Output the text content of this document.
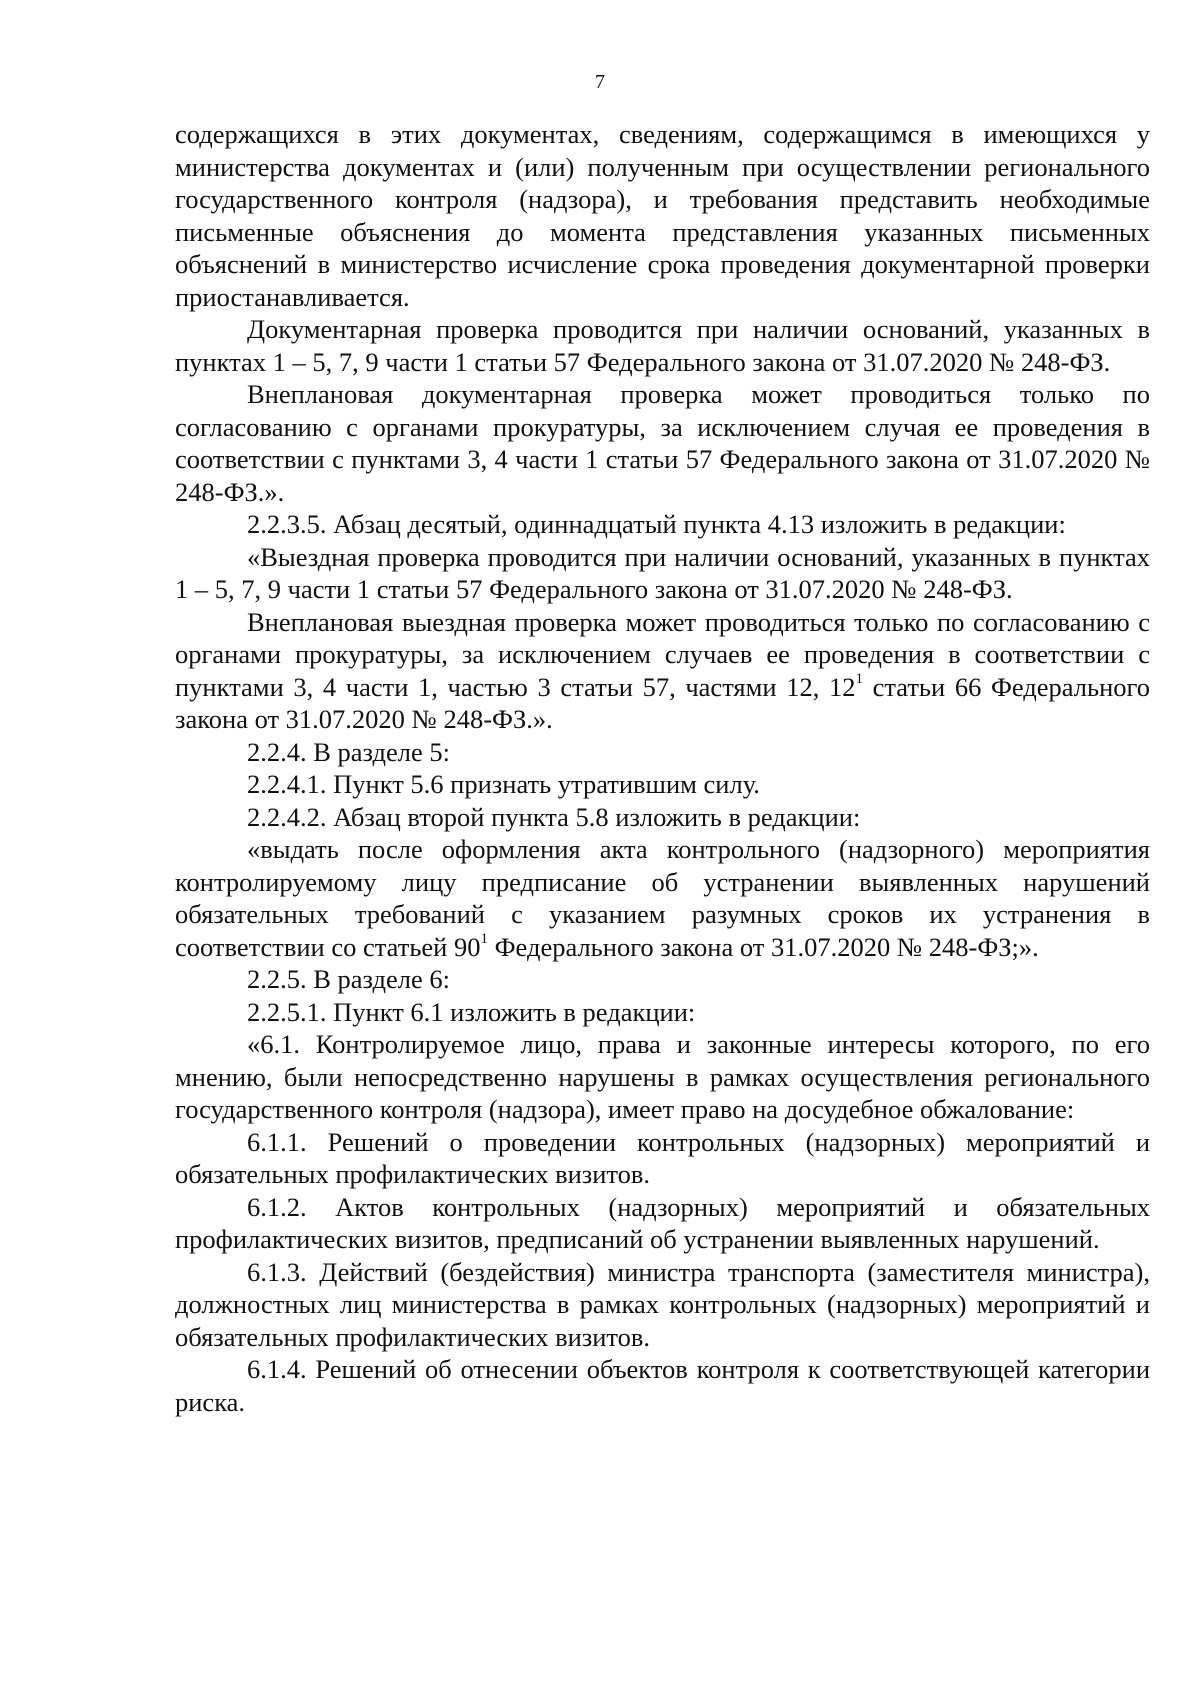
7

содержащихся в этих документах, сведениям, содержащимся в имеющихся у министерства документах и (или) полученным при осуществлении регионального государственного контроля (надзора), и требования представить необходимые письменные объяснения до момента представления указанных письменных объяснений в министерство исчисление срока проведения документарной проверки приостанавливается.

Документарная проверка проводится при наличии оснований, указанных в пунктах 1 – 5, 7, 9 части 1 статьи 57 Федерального закона от 31.07.2020 № 248-ФЗ.

Внеплановая документарная проверка может проводиться только по согласованию с органами прокуратуры, за исключением случая ее проведения в соответствии с пунктами 3, 4 части 1 статьи 57 Федерального закона от 31.07.2020 № 248-ФЗ.».

2.2.3.5. Абзац десятый, одиннадцатый пункта 4.13 изложить в редакции:

«Выездная проверка проводится при наличии оснований, указанных в пунктах 1 – 5, 7, 9 части 1 статьи 57 Федерального закона от 31.07.2020 № 248-ФЗ.

Внеплановая выездная проверка может проводиться только по согласованию с органами прокуратуры, за исключением случаев ее проведения в соответствии с пунктами 3, 4 части 1, частью 3 статьи 57, частями 12, $12^1$ статьи 66 Федерального закона от 31.07.2020 № 248-ФЗ.».

2.2.4. В разделе 5:

2.2.4.1. Пункт 5.6 признать утратившим силу.

2.2.4.2. Абзац второй пункта 5.8 изложить в редакции:

«выдать после оформления акта контрольного (надзорного) мероприятия контролируемому лицу предписание об устранении выявленных нарушений обязательных требований с указанием разумных сроков их устранения в соответствии со статьей $90^1$ Федерального закона от 31.07.2020 № 248-ФЗ;».

2.2.5. В разделе 6:

2.2.5.1. Пункт 6.1 изложить в редакции:

«6.1. Контролируемое лицо, права и законные интересы которого, по его мнению, были непосредственно нарушены в рамках осуществления регионального государственного контроля (надзора), имеет право на досудебное обжалование:

6.1.1. Решений о проведении контрольных (надзорных) мероприятий и обязательных профилактических визитов.

6.1.2. Актов контрольных (надзорных) мероприятий и обязательных профилактических визитов, предписаний об устранении выявленных нарушений.

6.1.3. Действий (бездействия) министра транспорта (заместителя министра), должностных лиц министерства в рамках контрольных (надзорных) мероприятий и обязательных профилактических визитов.

6.1.4. Решений об отнесении объектов контроля к соответствующей категории риска.
